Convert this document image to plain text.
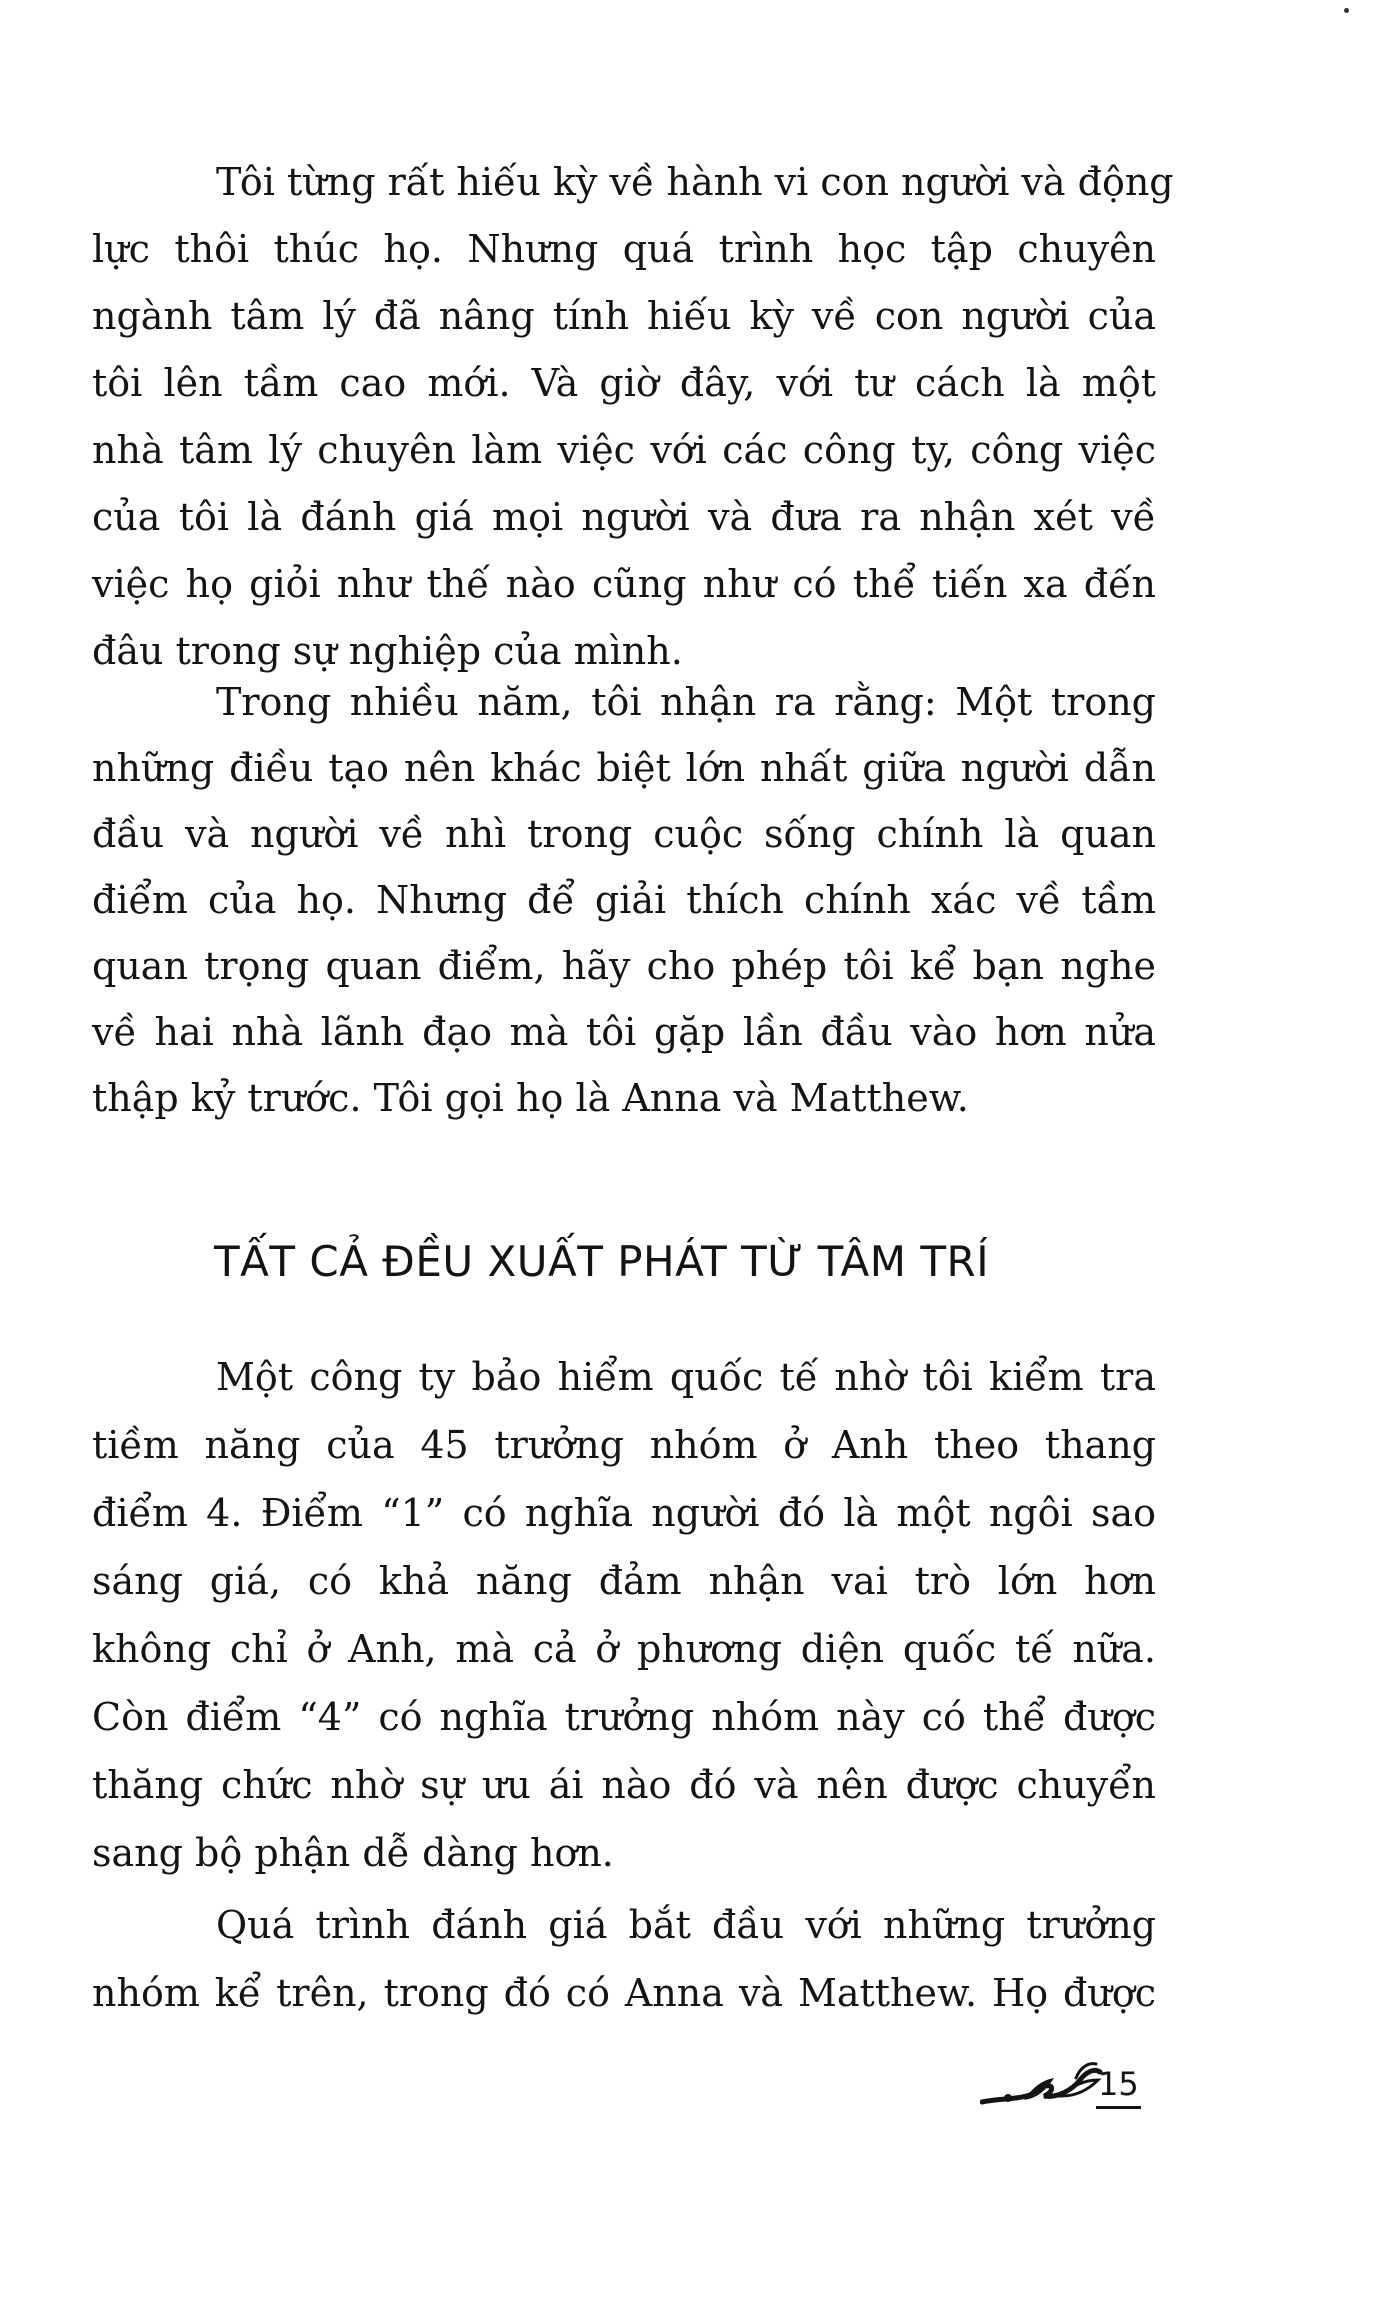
Tôi từng rất hiếu kỳ về hành vi con người và động
lực thôi thúc họ. Nhưng quá trình học tập chuyên
ngành tâm lý đã nâng tính hiếu kỳ về con người của
tôi lên tầm cao mới. Và giờ đây, với tư cách là một
nhà tâm lý chuyên làm việc với các công ty, công việc
của tôi là đánh giá mọi người và đưa ra nhận xét về
việc họ giỏi như thế nào cũng như có thể tiến xa đến
đâu trong sự nghiệp của mình.
Trong nhiều năm, tôi nhận ra rằng: Một trong
những điều tạo nên khác biệt lớn nhất giữa người dẫn
đầu và người về nhì trong cuộc sống chính là quan
điểm của họ. Nhưng để giải thích chính xác về tầm
quan trọng quan điểm, hãy cho phép tôi kể bạn nghe
về hai nhà lãnh đạo mà tôi gặp lần đầu vào hơn nửa
thập kỷ trước. Tôi gọi họ là Anna và Matthew.
TẤT CẢ ĐỀU XUẤT PHÁT TỪ TÂM TRÍ
Một công ty bảo hiểm quốc tế nhờ tôi kiểm tra
tiềm năng của 45 trưởng nhóm ở Anh theo thang
điểm 4. Điểm “1” có nghĩa người đó là một ngôi sao
sáng giá, có khả năng đảm nhận vai trò lớn hơn
không chỉ ở Anh, mà cả ở phương diện quốc tế nữa.
Còn điểm “4” có nghĩa trưởng nhóm này có thể được
thăng chức nhờ sự ưu ái nào đó và nên được chuyển
sang bộ phận dễ dàng hơn.
Quá trình đánh giá bắt đầu với những trưởng
nhóm kể trên, trong đó có Anna và Matthew. Họ được
15
